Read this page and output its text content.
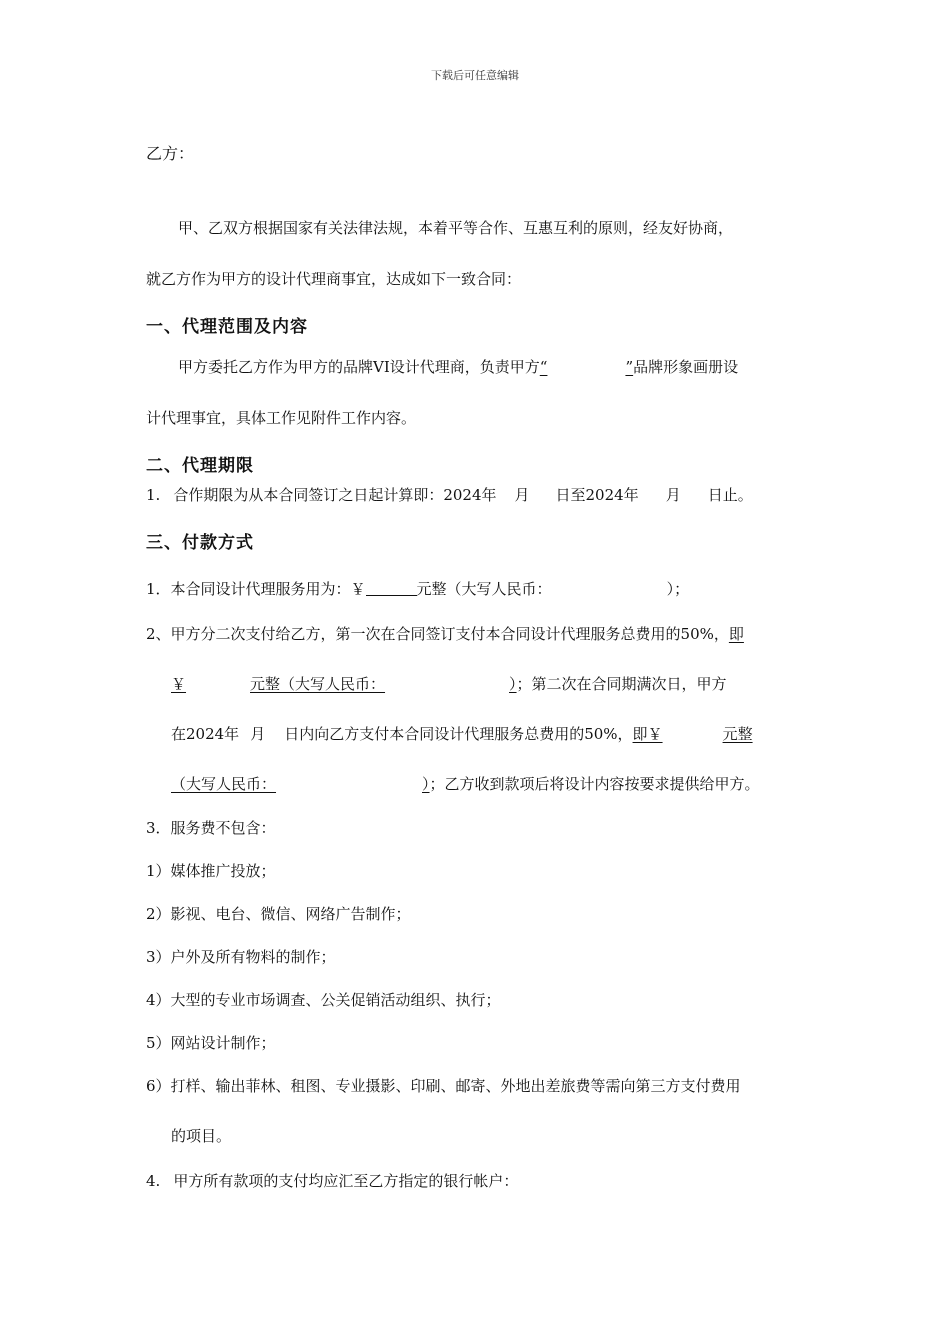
下载后可任意编辑
乙方：
甲、乙双方根据国家有关法律法规，本着平等合作、互惠互利的原则，经友好协商，
就乙方作为甲方的设计代理商事宜，达成如下一致合同：
一、代理范围及内容
甲方委托乙方作为甲方的品牌VI设计代理商，负责甲方“	”品牌形象画册设
计代理事宜，具体工作见附件工作内容。
二、代理期限
1. 合作期限为从本合同签订之日起计算即：2024年 月 日至2024年 月 日止。
三、付款方式
1．本合同设计代理服务用为：￥	元整（大写人民币：	）；
2、甲方分二次支付给乙方，第一次在合同签订支付本合同设计代理服务总费用的50%，即
￥	元整（大写人民币：	）；第二次在合同期满次日，甲方
在2024年 月 日内向乙方支付本合同设计代理服务总费用的50%，即￥	元整
（大写人民币：	）；乙方收到款项后将设计内容按要求提供给甲方。
3．服务费不包含：
1）媒体推广投放；
2）影视、电台、微信、网络广告制作；
3）户外及所有物料的制作；
4）大型的专业市场调查、公关促销活动组织、执行；
5）网站设计制作；
6）打样、输出菲林、租图、专业摄影、印刷、邮寄、外地出差旅费等需向第三方支付费用
的项目。
4. 甲方所有款项的支付均应汇至乙方指定的银行帐户：
